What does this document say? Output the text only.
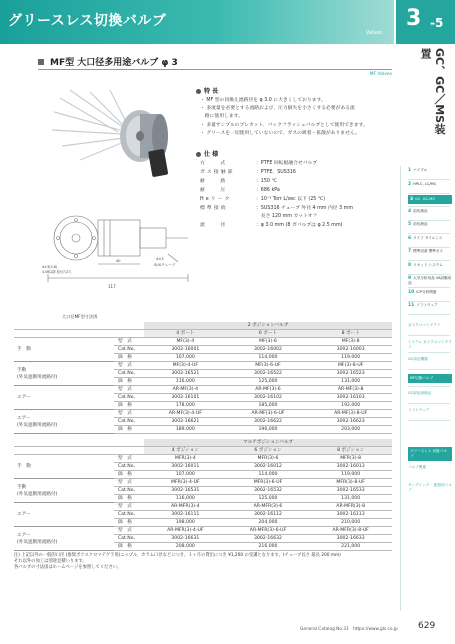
グリースレス切換バルブ
Valves
3 -5
GC、GC／MS装置
1 パイプル
2 HPLC, LC/MS
3 GC, GC-MS
4 前処理品
5 前処理品
6 ライフ サイエンス
7 標準試薬 標準ガス
8 リキッド システム
9 大気分析用品 VA試験用品
10 ICP分析関連
11 ソフトウェア
ガスクロマトグラフ
システム ガスクロマトグラフ
GC周辺機器
MF切換バルブ
GC部品消耗品
ソフトウェア
グリースレス 切換バルブ
バルブ関連
サンプリング・ 配管用バルブ
MF型 大口径多用途バルブ φ 3
MF Valves
117
40	4×3
SUSチューブ
4×3(3.8)
4.5B以降 取付穴2穴
大口径MF型寸法図
特 長
・ MF 型の切換え流路径を φ 3.0 に大きくしております。
・ 多流量を必要とする流路および、圧力損失を小さくする必要がある流
　路に使用します。
・ 多量サンプルのプレカット、バックフラッシュバルブとして使用できます。
・ グリースを一切使用していないので、ガスの吸着・拡散がありません。
仕 様
方　　　式	：PTFE 回転板融合せバルブ
ガ ス 接 触 部	：PTFE、SUS316
耐　　　熱	：150 ℃
耐　　　圧	：686 kPa
H e リ ー ク	：10⁻⁵ Torr L/sec 以下 (25 ℃)
標 準 接 続	：SUS316 チューブ 外径 4 mm 内径 3 mm
　長さ 120 mm カットオフ
流　　　径	：φ 3.0 mm (8 ガバルブは φ 2.5 mm)
		2 ポジションバルブ		
		4 ポート	6 ポート	8 ポート

手　動	型　式	MF(3)-4	MF(3)-6	MF(3)-8
	Cat.No.	3002-16001	3002-16002	3002-16003
	価　格	107,000	114,000	119,000

手動
(外気遮断用流路付)	型　式	MF(3)-4-UF	MF(3)-6-UF	MF(3)-8-UF
	Cat.No.	3002-16521	3002-16522	3002-16523
	価　格	116,000	125,000	131,000

エアー	型　式	AR-MF(3)-4	AR-MF(3)-6	AR-MF(3)-8
	Cat.No.	3002-16101	3002-16102	3002-16103
	価　格	178,000	185,000	192,000

エアー
(外気遮断用流路付)	型　式	AR-MF(3)-4-UF	AR-MF(3)-6-UF	AR-MF(3)-8-UF
	Cat.No.	3002-16621	3002-16622	3002-16623
	価　格	189,000	196,000	203,000
		マルチポジションバルブ		
		4 ポジション	6 ポジション	8 ポジション

手　動	型　式	MFR(3)-4	MFR(3)-6	MFR(3)-8
	Cat.No.	3002-16011	3002-16012	3002-16013
	価　格	107,000	114,000	119,000

手動
(外気遮断用流路付)	型　式	MFR(3)-4-UF	MFR(3)-6-UF	MFR(3)-8-UF
	Cat.No.	3002-16531	3002-16532	3002-16533
	価　格	116,000	125,000	131,000

エアー	型　式	AR-MFR(3)-4	AR-MFR(3)-6	AR-MFR(3)-8
	Cat.No.	3002-16111	3002-16112	3002-16113
	価　格	198,000	204,000	210,000

エアー
(外気遮断用流路付)	型　式	AR-MFR(3)-4-UF	AR-MFR(3)-6-UF	AR-MFR(3)-8-UF
	Cat.No.	3002-16631	3002-16632	3002-16633
	価　格	208,000	216,000	221,000
注) 上記以外の一般的口径 (推奨ボクスクロマテグラ用)ニップル、カラム口径などにつき、１ヶ月の貸出につき ¥1,200 の受講となります。(チューブ長さ 最長 200 mm)
それ以外の加工は別途見積いります。
各バルブの寸法図はホームページを参照してください。
General Catalog No.31　https://www.gls.co.jp 629
